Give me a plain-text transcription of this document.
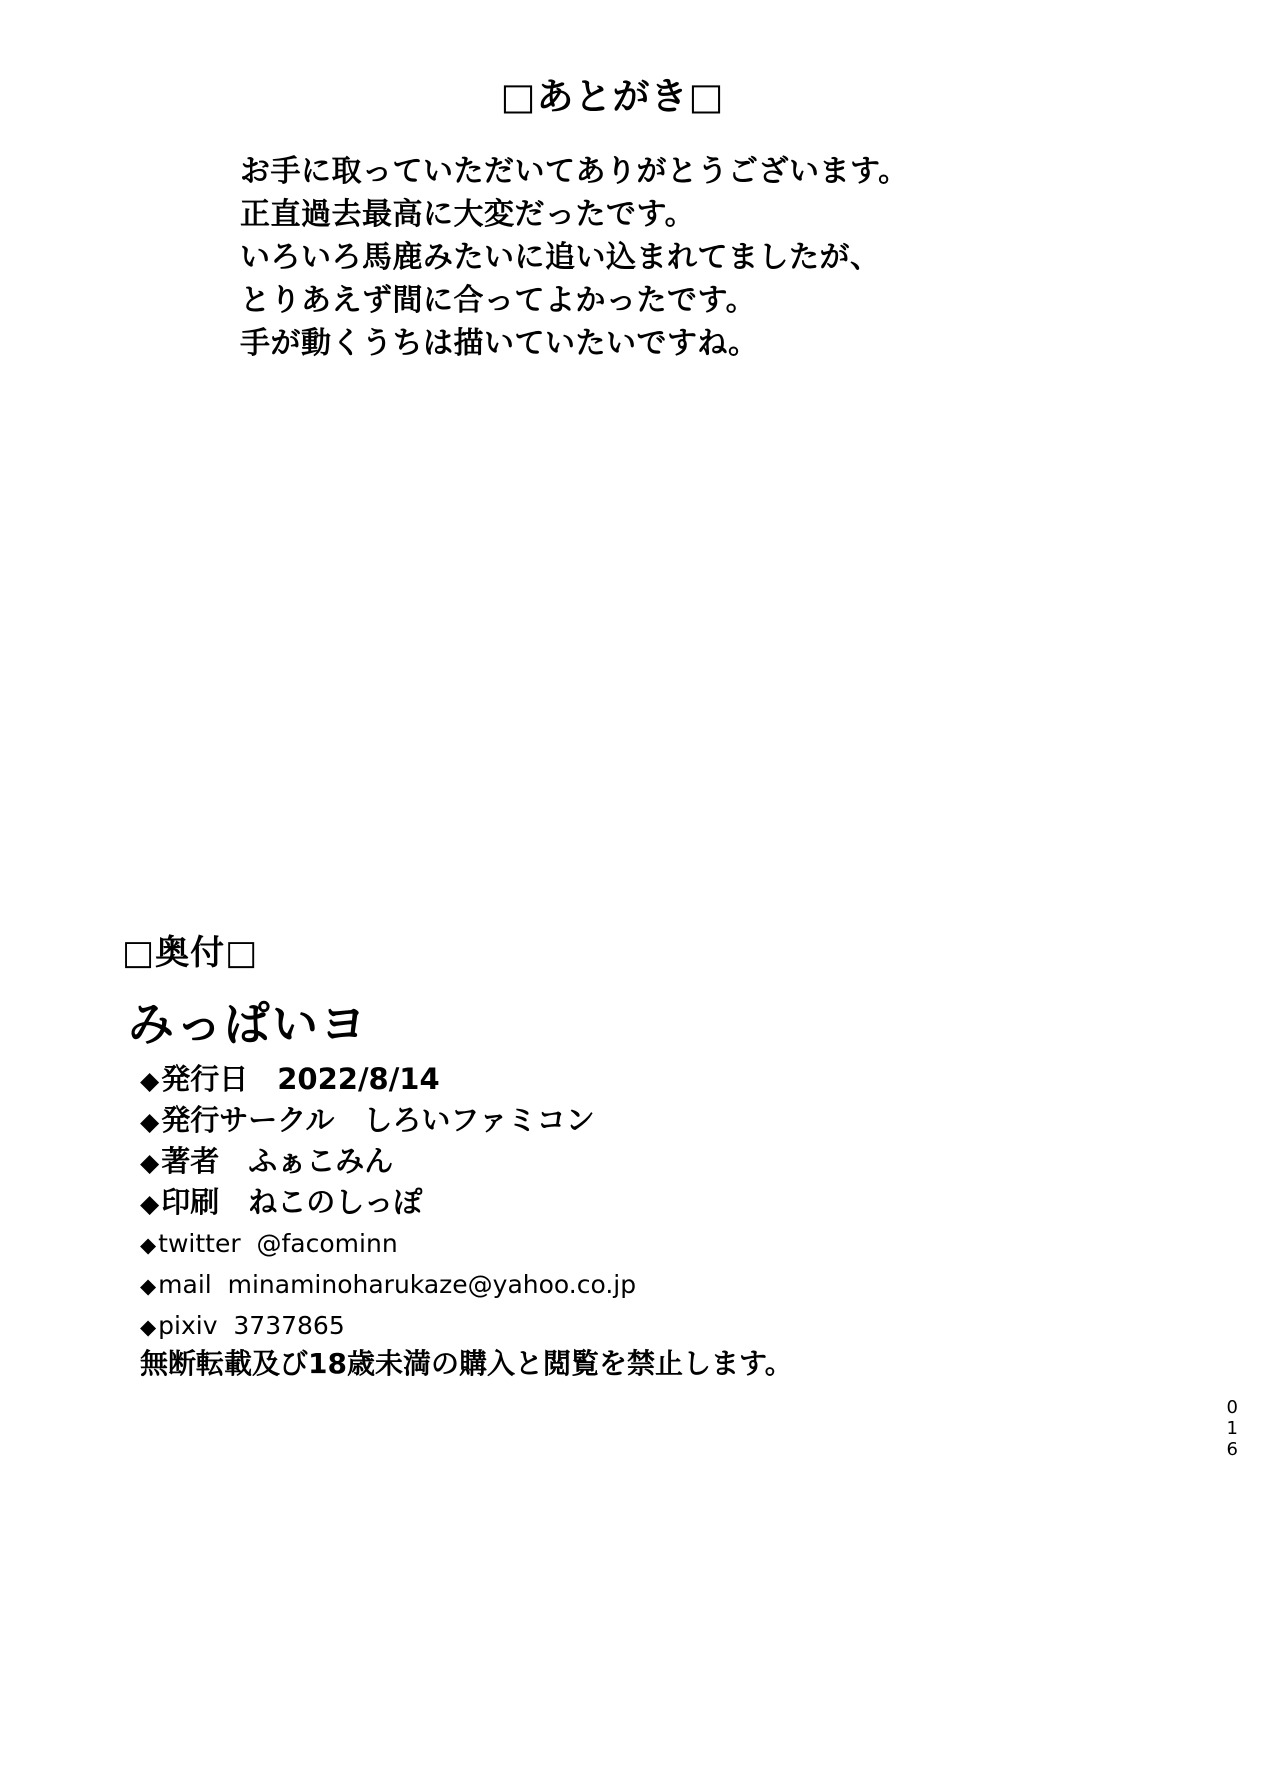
□あとがき□
お手に取っていただいてありがとうございます。
正直過去最高に大変だったです。
いろいろ馬鹿みたいに追い込まれてましたが、
とりあえず間に合ってよかったです。
手が動くうちは描いていたいですね。
□奥付□
みっぱいヨ
◆ 発行日　2022/8/14
◆ 発行サークル　しろいファミコン
◆ 著者　ふぁこみん
◆ 印刷　ねこのしっぽ
◆ twitter  @facominn
◆ mail  minaminoharukaze@yahoo.co.jp
◆ pixiv  3737865
無断転載及び18歳未満の購入と閲覧を禁止します。
0
1
6
